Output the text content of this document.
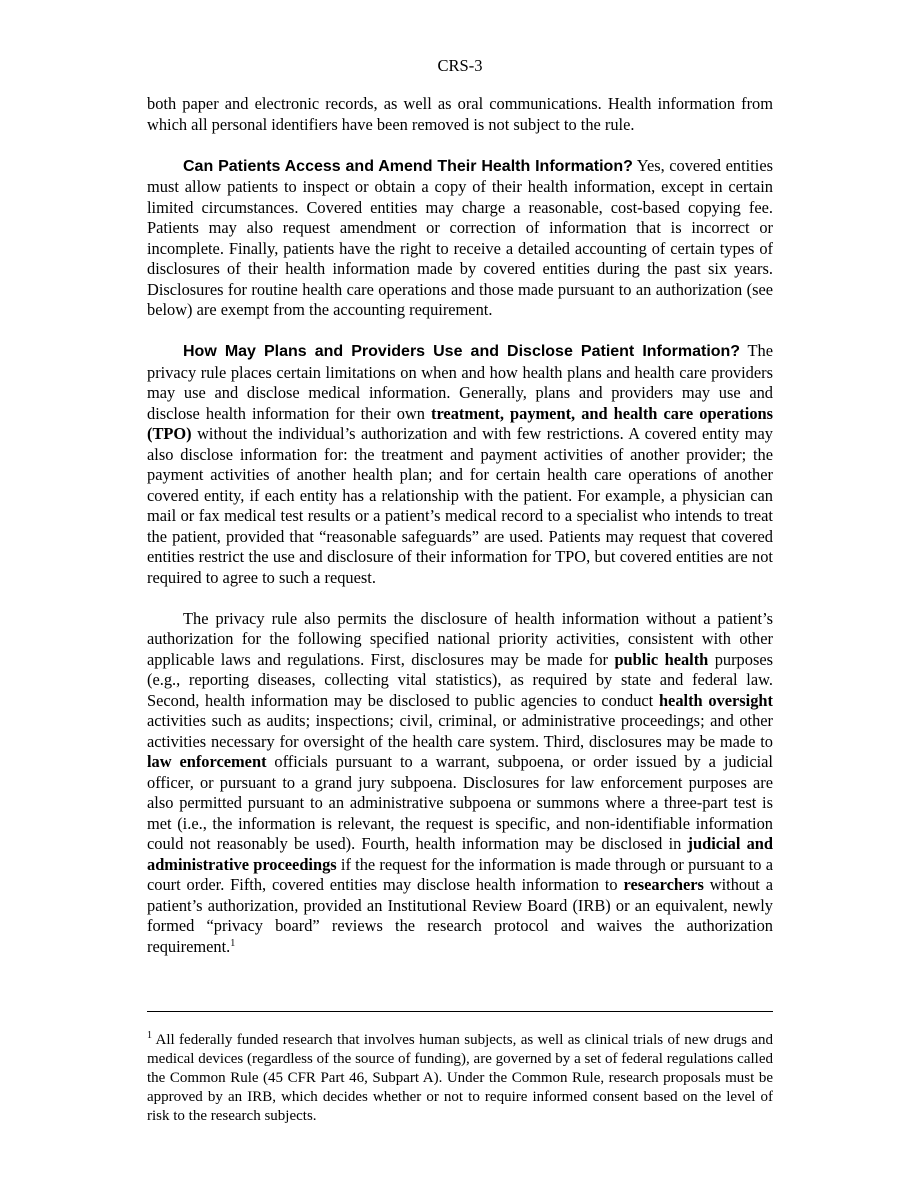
CRS-3

both paper and electronic records, as well as oral communications. Health information from which all personal identifiers have been removed is not subject to the rule.

Can Patients Access and Amend Their Health Information? Yes, covered entities must allow patients to inspect or obtain a copy of their health information, except in certain limited circumstances. Covered entities may charge a reasonable, cost-based copying fee. Patients may also request amendment or correction of information that is incorrect or incomplete. Finally, patients have the right to receive a detailed accounting of certain types of disclosures of their health information made by covered entities during the past six years. Disclosures for routine health care operations and those made pursuant to an authorization (see below) are exempt from the accounting requirement.

How May Plans and Providers Use and Disclose Patient Information? The privacy rule places certain limitations on when and how health plans and health care providers may use and disclose medical information. Generally, plans and providers may use and disclose health information for their own treatment, payment, and health care operations (TPO) without the individual’s authorization and with few restrictions. A covered entity may also disclose information for: the treatment and payment activities of another provider; the payment activities of another health plan; and for certain health care operations of another covered entity, if each entity has a relationship with the patient. For example, a physician can mail or fax medical test results or a patient’s medical record to a specialist who intends to treat the patient, provided that “reasonable safeguards” are used. Patients may request that covered entities restrict the use and disclosure of their information for TPO, but covered entities are not required to agree to such a request.

The privacy rule also permits the disclosure of health information without a patient’s authorization for the following specified national priority activities, consistent with other applicable laws and regulations. First, disclosures may be made for public health purposes (e.g., reporting diseases, collecting vital statistics), as required by state and federal law. Second, health information may be disclosed to public agencies to conduct health oversight activities such as audits; inspections; civil, criminal, or administrative proceedings; and other activities necessary for oversight of the health care system. Third, disclosures may be made to law enforcement officials pursuant to a warrant, subpoena, or order issued by a judicial officer, or pursuant to a grand jury subpoena. Disclosures for law enforcement purposes are also permitted pursuant to an administrative subpoena or summons where a three-part test is met (i.e., the information is relevant, the request is specific, and non-identifiable information could not reasonably be used). Fourth, health information may be disclosed in judicial and administrative proceedings if the request for the information is made through or pursuant to a court order. Fifth, covered entities may disclose health information to researchers without a patient’s authorization, provided an Institutional Review Board (IRB) or an equivalent, newly formed “privacy board” reviews the research protocol and waives the authorization requirement.$^1$

$^1$ All federally funded research that involves human subjects, as well as clinical trials of new drugs and medical devices (regardless of the source of funding), are governed by a set of federal regulations called the Common Rule (45 CFR Part 46, Subpart A). Under the Common Rule, research proposals must be approved by an IRB, which decides whether or not to require informed consent based on the level of risk to the research subjects.
